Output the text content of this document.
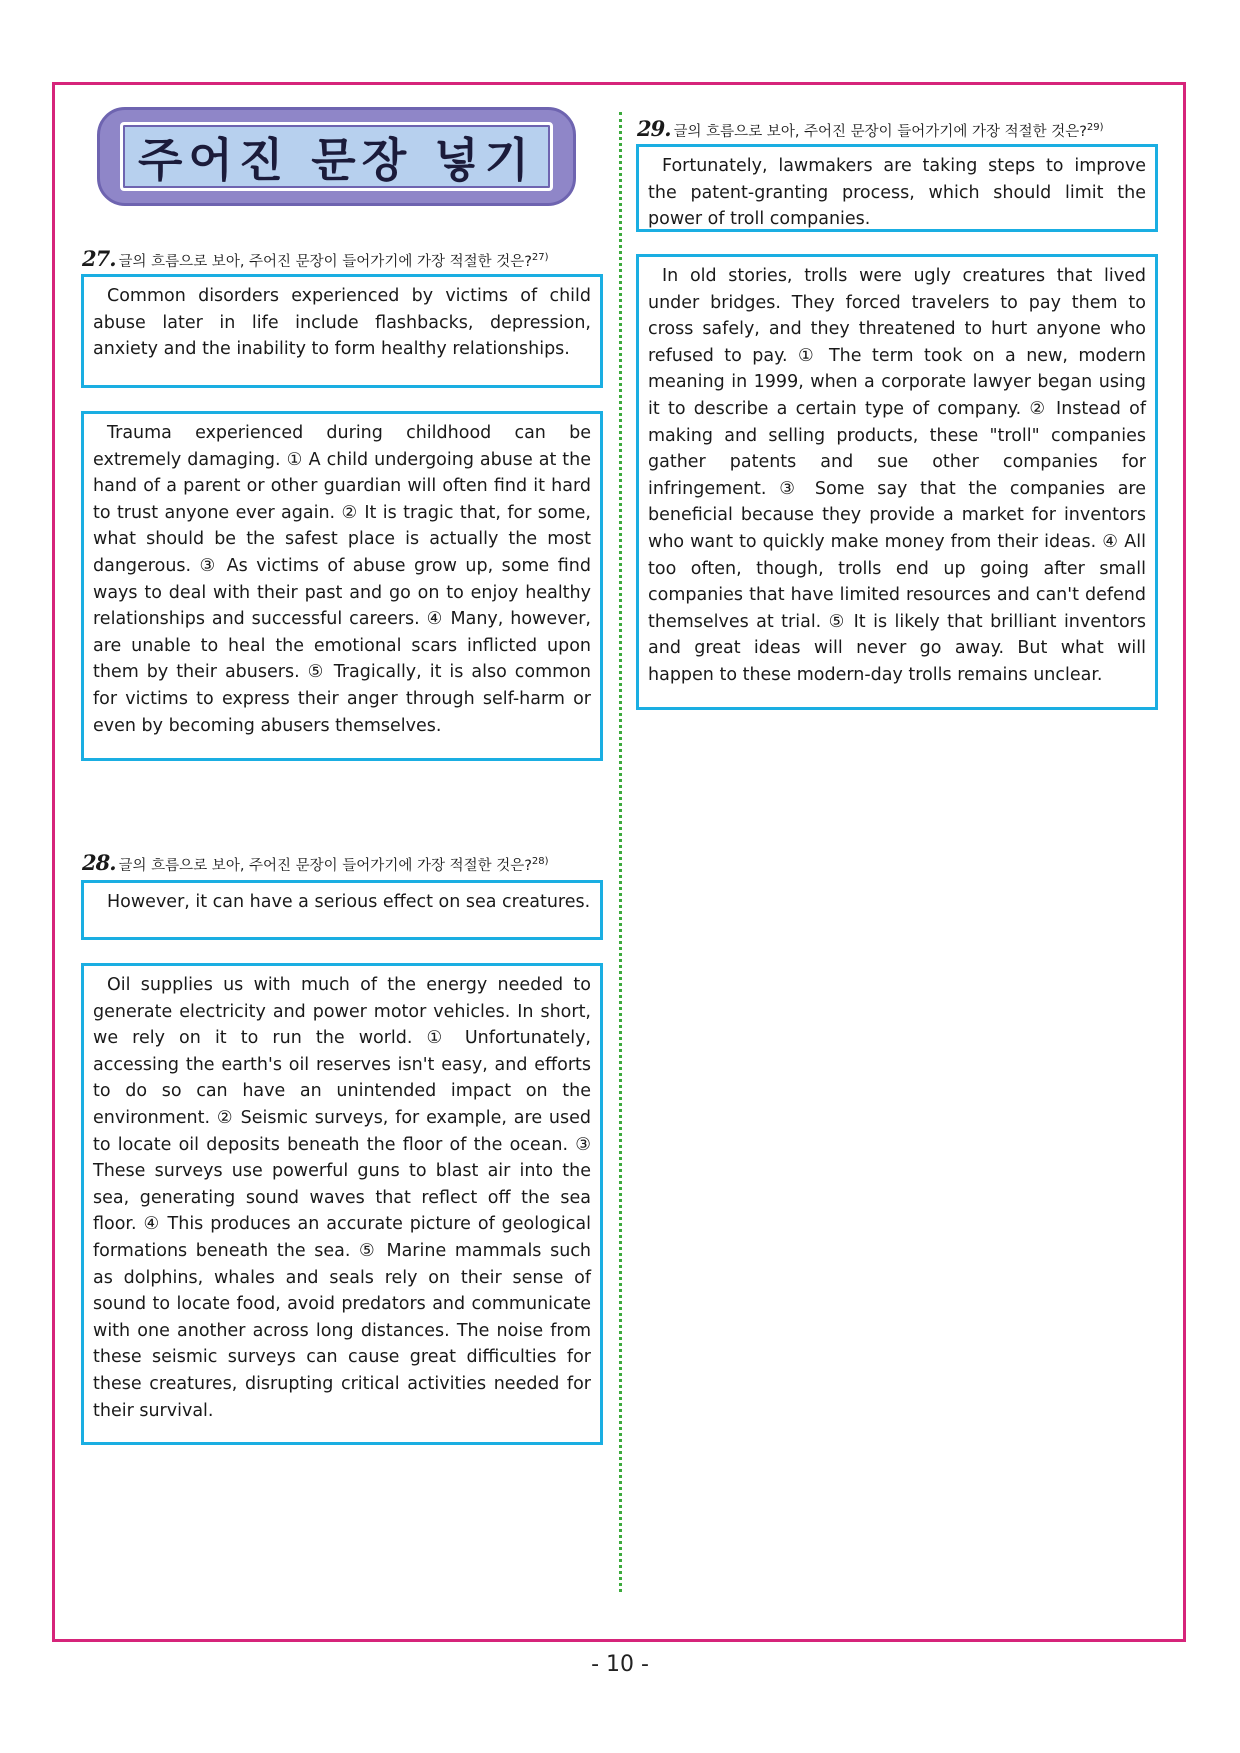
주어진 문장 넣기
27. 글의 흐름으로 보아, 주어진 문장이 들어가기에 가장 적절한 것은?$^{27)}$
Common disorders experienced by victims of child abuse later in life include flashbacks, depression, anxiety and the inability to form healthy relationships.
Trauma experienced during childhood can be extremely damaging. ① A child undergoing abuse at the hand of a parent or other guardian will often find it hard to trust anyone ever again. ② It is tragic that, for some, what should be the safest place is actually the most dangerous. ③ As victims of abuse grow up, some find ways to deal with their past and go on to enjoy healthy relationships and successful careers. ④ Many, however, are unable to heal the emotional scars inflicted upon them by their abusers. ⑤ Tragically, it is also common for victims to express their anger through self-harm or even by becoming abusers themselves.
28. 글의 흐름으로 보아, 주어진 문장이 들어가기에 가장 적절한 것은?$^{28)}$
However, it can have a serious effect on sea creatures.
Oil supplies us with much of the energy needed to generate electricity and power motor vehicles. In short, we rely on it to run the world. ① Unfortunately, accessing the earth's oil reserves isn't easy, and efforts to do so can have an unintended impact on the environment. ② Seismic surveys, for example, are used to locate oil deposits beneath the floor of the ocean. ③ These surveys use powerful guns to blast air into the sea, generating sound waves that reflect off the sea floor. ④ This produces an accurate picture of geological formations beneath the sea. ⑤ Marine mammals such as dolphins, whales and seals rely on their sense of sound to locate food, avoid predators and communicate with one another across long distances. The noise from these seismic surveys can cause great difficulties for these creatures, disrupting critical activities needed for their survival.
29. 글의 흐름으로 보아, 주어진 문장이 들어가기에 가장 적절한 것은?$^{29)}$
Fortunately, lawmakers are taking steps to improve the patent-granting process, which should limit the power of troll companies.
In old stories, trolls were ugly creatures that lived under bridges. They forced travelers to pay them to cross safely, and they threatened to hurt anyone who refused to pay. ① The term took on a new, modern meaning in 1999, when a corporate lawyer began using it to describe a certain type of company. ② Instead of making and selling products, these "troll" companies gather patents and sue other companies for infringement. ③ Some say that the companies are beneficial because they provide a market for inventors who want to quickly make money from their ideas. ④ All too often, though, trolls end up going after small companies that have limited resources and can't defend themselves at trial. ⑤ It is likely that brilliant inventors and great ideas will never go away. But what will happen to these modern-day trolls remains unclear.
- 10 -
